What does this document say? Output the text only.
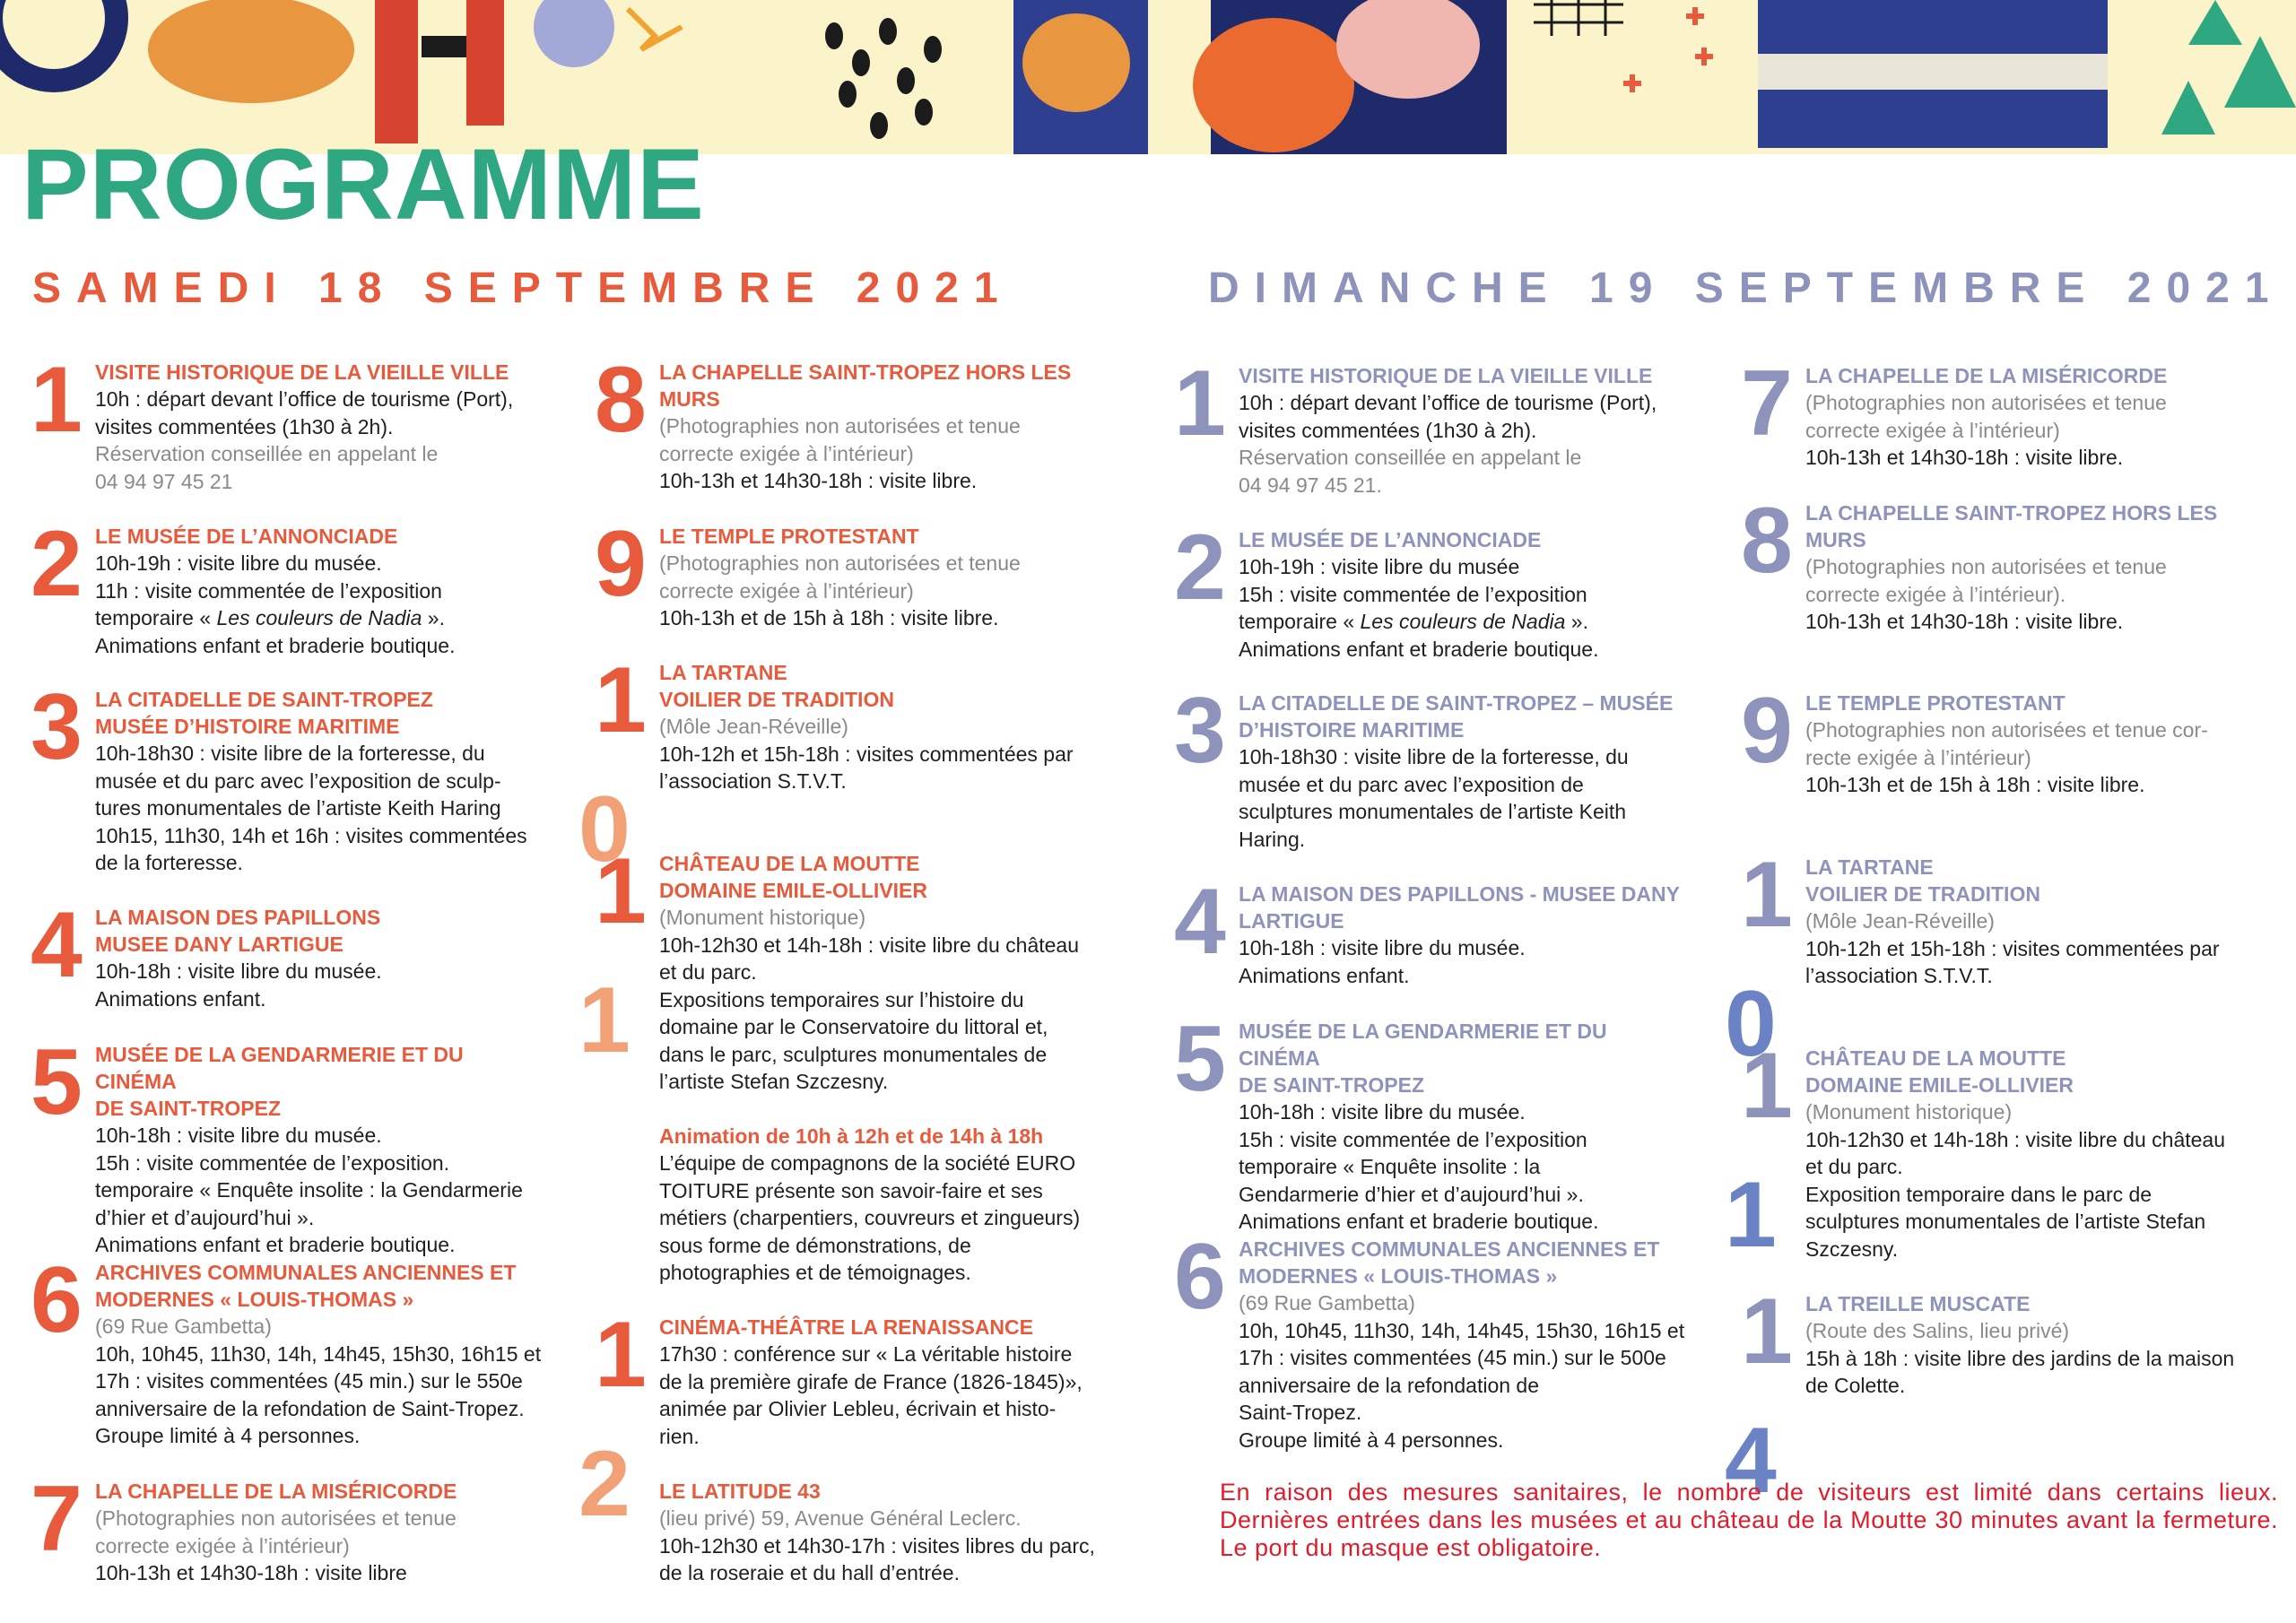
PROGRAMME
SAMEDI 18 SEPTEMBRE 2021	DIMANCHE 19 SEPTEMBRE 2021
1 VISITE HISTORIQUE DE LA VIEILLE VILLE
10h : départ devant l’office de tourisme (Port),
visites commentées (1h30 à 2h).
Réservation conseillée en appelant le
04 94 97 45 21
2 LE MUSÉE DE L’ANNONCIADE
10h-19h : visite libre du musée.
11h : visite commentée de l’exposition
temporaire « Les couleurs de Nadia ».
Animations enfant et braderie boutique.
3 LA CITADELLE DE SAINT-TROPEZ
MUSÉE D’HISTOIRE MARITIME
10h-18h30 : visite libre de la forteresse, du
musée et du parc avec l’exposition de sculp-
tures monumentales de l’artiste Keith Haring
10h15, 11h30, 14h et 16h : visites commentées
de la forteresse.
4 LA MAISON DES PAPILLONS
MUSEE DANY LARTIGUE
10h-18h : visite libre du musée.
Animations enfant.
5 MUSÉE DE LA GENDARMERIE ET DU CINÉMA
DE SAINT-TROPEZ
10h-18h : visite libre du musée.
15h : visite commentée de l’exposition.
temporaire « Enquête insolite : la Gendarmerie
d’hier et d’aujourd’hui ».
Animations enfant et braderie boutique.
6 ARCHIVES COMMUNALES ANCIENNES ET
MODERNES « LOUIS-THOMAS »
(69 Rue Gambetta)
10h, 10h45, 11h30, 14h, 14h45, 15h30, 16h15 et
17h : visites commentées (45 min.) sur le 550e
anniversaire de la refondation de Saint-Tropez.
Groupe limité à 4 personnes.
7 LA CHAPELLE DE LA MISÉRICORDE
(Photographies non autorisées et tenue
correcte exigée à l’intérieur)
10h-13h et 14h30-18h : visite libre
8 LA CHAPELLE SAINT-TROPEZ HORS LES
MURS
(Photographies non autorisées et tenue
correcte exigée à l’intérieur)
10h-13h et 14h30-18h : visite libre.
9 LE TEMPLE PROTESTANT
(Photographies non autorisées et tenue
correcte exigée à l’intérieur)
10h-13h et de 15h à 18h : visite libre.
10
LA TARTANE
VOILIER DE TRADITION
(Môle Jean-Réveille)
10h-12h et 15h-18h : visites commentées par
l’association S.T.V.T.
11
CHÂTEAU DE LA MOUTTE
DOMAINE EMILE-OLLIVIER
(Monument historique)
10h-12h30 et 14h-18h : visite libre du château
et du parc.
Expositions temporaires sur l’histoire du
domaine par le Conservatoire du littoral et,
dans le parc, sculptures monumentales de
l’artiste Stefan Szczesny.
Animation de 10h à 12h et de 14h à 18h
L’équipe de compagnons de la société EURO
TOITURE présente son savoir-faire et ses
métiers (charpentiers, couvreurs et zingueurs)
sous forme de démonstrations, de
photographies et de témoignages.
12
CINÉMA-THÉÂTRE LA RENAISSANCE
17h30 : conférence sur « La véritable histoire
de la première girafe de France (1826-1845)»,
animée par Olivier Lebleu, écrivain et histo-
rien.
LE LATITUDE 43
(lieu privé) 59, Avenue Général Leclerc.
10h-12h30 et 14h30-17h : visites libres du parc,
de la roseraie et du hall d’entrée.
1 VISITE HISTORIQUE DE LA VIEILLE VILLE
10h : départ devant l’office de tourisme (Port),
visites commentées (1h30 à 2h).
Réservation conseillée en appelant le
04 94 97 45 21.
2 LE MUSÉE DE L’ANNONCIADE
10h-19h : visite libre du musée
15h : visite commentée de l’exposition
temporaire « Les couleurs de Nadia ».
Animations enfant et braderie boutique.
3 LA CITADELLE DE SAINT-TROPEZ – MUSÉE
D’HISTOIRE MARITIME
10h-18h30 : visite libre de la forteresse, du
musée et du parc avec l’exposition de
sculptures monumentales de l’artiste Keith
Haring.
4 LA MAISON DES PAPILLONS - MUSEE DANY
LARTIGUE
10h-18h : visite libre du musée.
Animations enfant.
5 MUSÉE DE LA GENDARMERIE ET DU CINÉMA
DE SAINT-TROPEZ
10h-18h : visite libre du musée.
15h : visite commentée de l’exposition
temporaire « Enquête insolite : la
Gendarmerie d’hier et d’aujourd’hui ».
Animations enfant et braderie boutique.
6 ARCHIVES COMMUNALES ANCIENNES ET
MODERNES « LOUIS-THOMAS »
(69 Rue Gambetta)
10h, 10h45, 11h30, 14h, 14h45, 15h30, 16h15 et
17h : visites commentées (45 min.) sur le 500e
anniversaire de la refondation de
Saint-Tropez.
Groupe limité à 4 personnes.
7 LA CHAPELLE DE LA MISÉRICORDE
(Photographies non autorisées et tenue
correcte exigée à l’intérieur)
10h-13h et 14h30-18h : visite libre.
8 LA CHAPELLE SAINT-TROPEZ HORS LES
MURS
(Photographies non autorisées et tenue
correcte exigée à l’intérieur).
10h-13h et 14h30-18h : visite libre.
9 LE TEMPLE PROTESTANT
(Photographies non autorisées et tenue cor-
recte exigée à l’intérieur)
10h-13h et de 15h à 18h : visite libre.
10
LA TARTANE
VOILIER DE TRADITION
(Môle Jean-Réveille)
10h-12h et 15h-18h : visites commentées par
l’association S.T.V.T.
11
CHÂTEAU DE LA MOUTTE
DOMAINE EMILE-OLLIVIER
(Monument historique)
10h-12h30 et 14h-18h : visite libre du château
et du parc.
Exposition temporaire dans le parc de
sculptures monumentales de l’artiste Stefan
Szczesny.
14
LA TREILLE MUSCATE
(Route des Salins, lieu privé)
15h à 18h : visite libre des jardins de la maison
de Colette.
En raison des mesures sanitaires, le nombre de visiteurs est limité dans certains lieux. Dernières entrées dans les musées et au château de la Moutte 30 minutes avant la fermeture. Le port du masque est obligatoire.
